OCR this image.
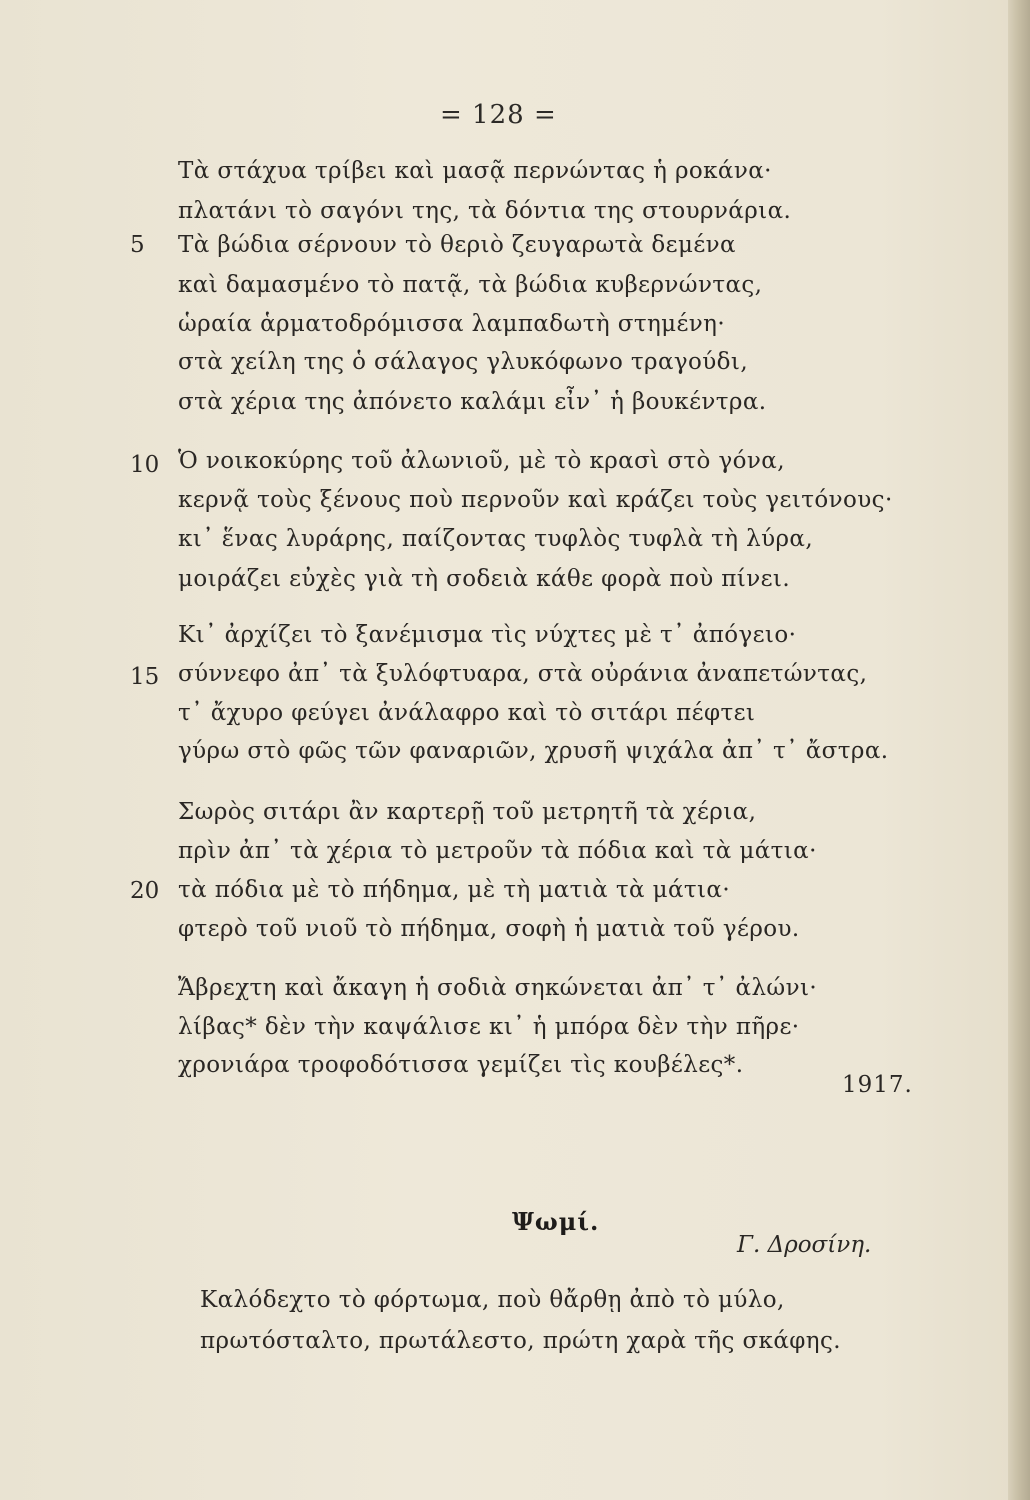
= 128 =
Τὰ στάχυα τρίβει καὶ μασᾷ περνώντας ἡ ροκάνα·
πλατάνι τὸ σαγόνι της, τὰ δόντια της στουρνάρια.
5 Τὰ βώδια σέρνουν τὸ θεριὸ ζευγαρωτὰ δεμένα
καὶ δαμασμένο τὸ πατᾷ, τὰ βώδια κυβερνώντας,
ὡραία ἁρματοδρόμισσα λαμπαδωτὴ στημένη·
στὰ χείλη της ὁ σάλαγος γλυκόφωνο τραγούδι,
στὰ χέρια της ἀπόνετο καλάμι εἶν᾽ ἡ βουκέντρα.
10 Ὁ νοικοκύρης τοῦ ἀλωνιοῦ, μὲ τὸ κρασὶ στὸ γόνα,
κερνᾷ τοὺς ξένους ποὺ περνοῦν καὶ κράζει τοὺς γειτόνους·
κι᾽ ἕνας λυράρης, παίζοντας τυφλὸς τυφλὰ τὴ λύρα,
μοιράζει εὐχὲς γιὰ τὴ σοδειὰ κάθε φορὰ ποὺ πίνει.
Κι᾽ ἀρχίζει τὸ ξανέμισμα τὶς νύχτες μὲ τ᾽ ἀπόγειο·
15 σύννεφο ἀπ᾽ τὰ ξυλόφτυαρα, στὰ οὐράνια ἀναπετώντας,
τ᾽ ἄχυρο φεύγει ἀνάλαφρο καὶ τὸ σιτάρι πέφτει
γύρω στὸ φῶς τῶν φαναριῶν, χρυσῆ ψιχάλα ἀπ᾽ τ᾽ ἄστρα.
Σωρὸς σιτάρι ἂν καρτερῇ τοῦ μετρητῆ τὰ χέρια,
πρὶν ἀπ᾽ τὰ χέρια τὸ μετροῦν τὰ πόδια καὶ τὰ μάτια·
20 τὰ πόδια μὲ τὸ πήδημα, μὲ τὴ ματιὰ τὰ μάτια·
φτερὸ τοῦ νιοῦ τὸ πήδημα, σοφὴ ἡ ματιὰ τοῦ γέρου.
Ἄβρεχτη καὶ ἄκαγη ἡ σοδιὰ σηκώνεται ἀπ᾽ τ᾽ ἀλώνι·
λίβας* δὲν τὴν καψάλισε κι᾽ ἡ μπόρα δὲν τὴν πῆρε·
χρονιάρα τροφοδότισσα γεμίζει τὶς κουβέλες*.
1917.
Ψωμί.
Γ. Δροσίνη.
Καλόδεχτο τὸ φόρτωμα, ποὺ θἄρθῃ ἀπὸ τὸ μύλο,
πρωτόσταλτο, πρωτάλεστο, πρώτη χαρὰ τῆς σκάφης.
